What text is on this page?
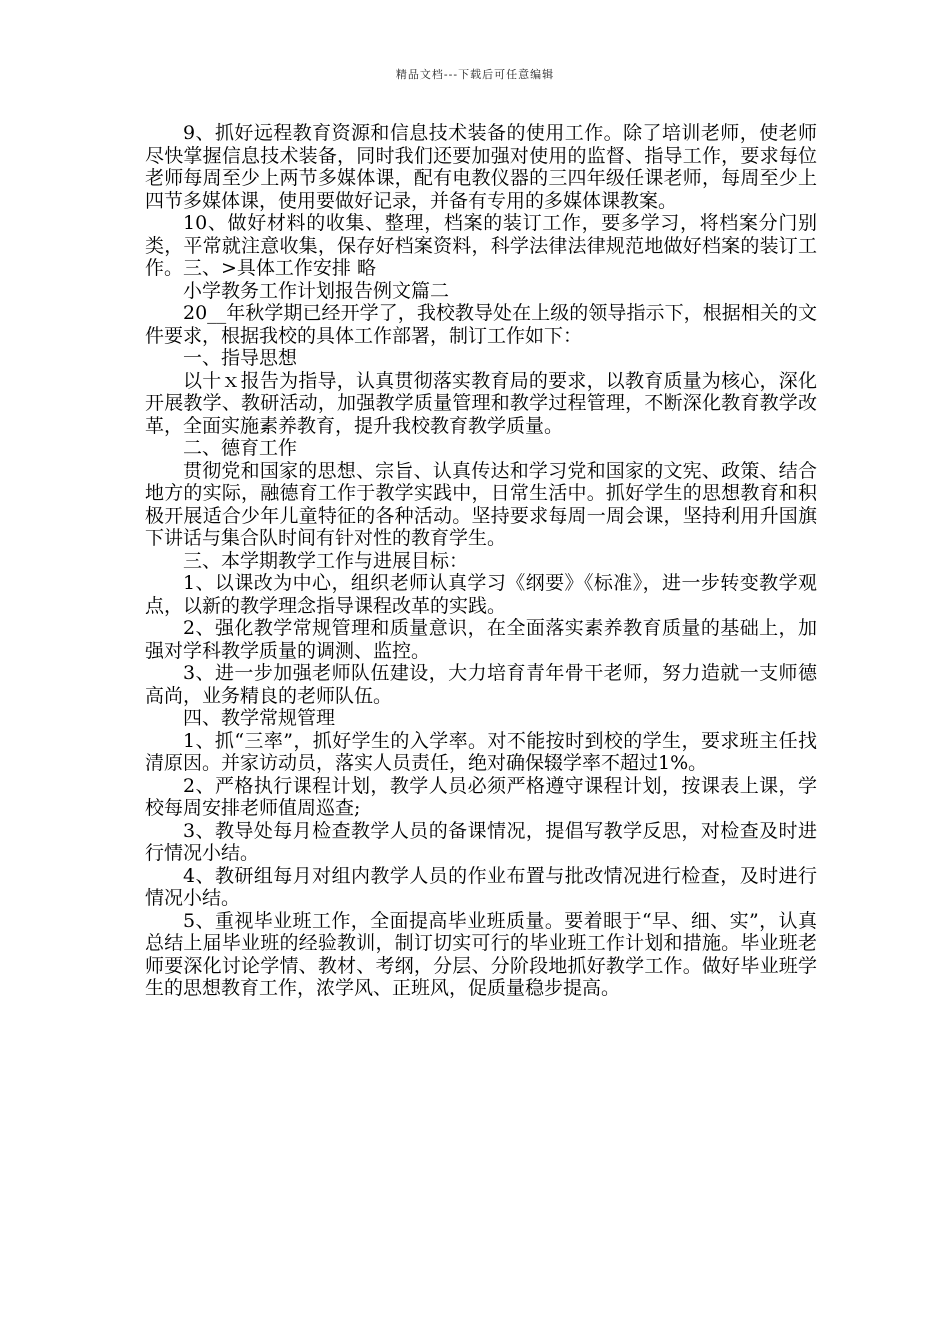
精品文档---下载后可任意编辑

9、抓好远程教育资源和信息技术装备的使用工作。除了培训老师，使老师尽快掌握信息技术装备，同时我们还要加强对使用的监督、指导工作，要求每位老师每周至少上两节多媒体课，配有电教仪器的三四年级任课老师，每周至少上四节多媒体课，使用要做好记录，并备有专用的多媒体课教案。

10、做好材料的收集、整理，档案的装订工作，要多学习，将档案分门别类，平常就注意收集，保存好档案资料，科学法律法律规范地做好档案的装订工作。三、>具体工作安排 略

小学教务工作计划报告例文篇二

20__年秋学期已经开学了，我校教导处在上级的领导指示下，根据相关的文件要求，根据我校的具体工作部署，制订工作如下：

一、指导思想

以十ｘ报告为指导，认真贯彻落实教育局的要求，以教育质量为核心，深化开展教学、教研活动，加强教学质量管理和教学过程管理，不断深化教育教学改革，全面实施素养教育，提升我校教育教学质量。

二、德育工作

贯彻党和国家的思想、宗旨、认真传达和学习党和国家的文宪、政策、结合地方的实际，融德育工作于教学实践中，日常生活中。抓好学生的思想教育和积极开展适合少年儿童特征的各种活动。坚持要求每周一周会课，坚持利用升国旗下讲话与集合队时间有针对性的教育学生。

三、本学期教学工作与进展目标：

1、以课改为中心，组织老师认真学习《纲要》《标准》，进一步转变教学观点，以新的教学理念指导课程改革的实践。

2、强化教学常规管理和质量意识，在全面落实素养教育质量的基础上，加强对学科教学质量的调测、监控。

3、进一步加强老师队伍建设，大力培育青年骨干老师，努力造就一支师德高尚，业务精良的老师队伍。

四、教学常规管理

1、抓“三率”，抓好学生的入学率。对不能按时到校的学生，要求班主任找清原因。并家访动员，落实人员责任，绝对确保辍学率不超过1%。

2、严格执行课程计划，教学人员必须严格遵守课程计划，按课表上课，学校每周安排老师值周巡查;

3、教导处每月检查教学人员的备课情况，提倡写教学反思，对检查及时进行情况小结。

4、教研组每月对组内教学人员的作业布置与批改情况进行检查，及时进行情况小结。

5、重视毕业班工作，全面提高毕业班质量。要着眼于“早、细、实”，认真总结上届毕业班的经验教训，制订切实可行的毕业班工作计划和措施。毕业班老师要深化讨论学情、教材、考纲，分层、分阶段地抓好教学工作。做好毕业班学生的思想教育工作，浓学风、正班风，促质量稳步提高。
